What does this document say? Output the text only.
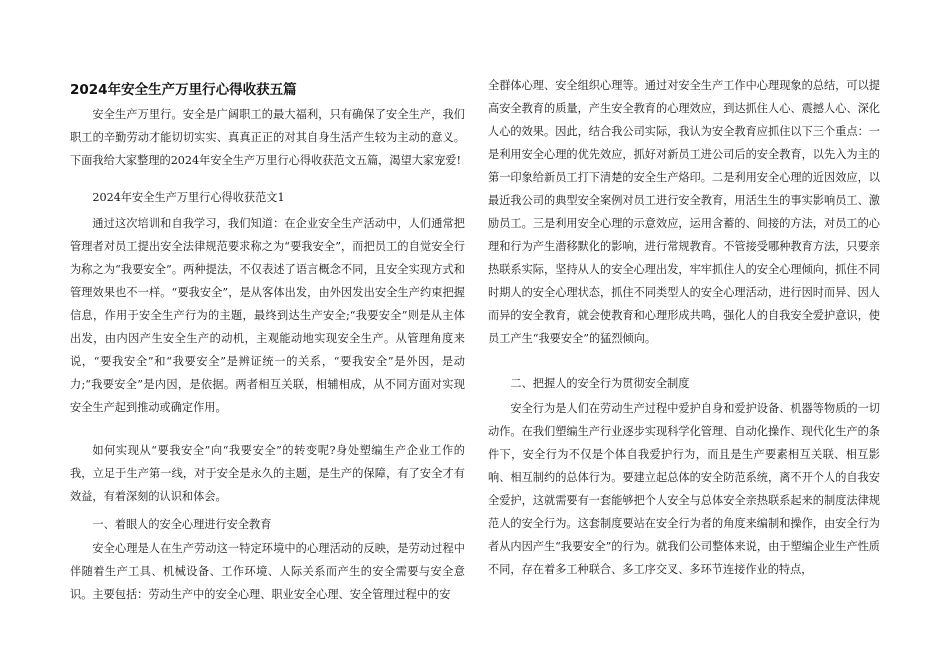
2024年安全生产万里行心得收获五篇

安全生产万里行。安全是广阔职工的最大福利，只有确保了安全生产，我们职工的辛勤劳动才能切切实实、真真正正的对其自身生活产生较为主动的意义。下面我给大家整理的2024年安全生产万里行心得收获范文五篇，渴望大家宠爱!

2024年安全生产万里行心得收获范文1

通过这次培训和自我学习，我们知道：在企业安全生产活动中，人们通常把管理者对员工提出安全法律规范要求称之为“要我安全”，而把员工的自觉安全行为称之为“我要安全”。两种提法，不仅表述了语言概念不同，且安全实现方式和管理效果也不一样。“要我安全”，是从客体出发，由外因发出安全生产约束把握信息，作用于安全生产行为的主题，最终到达生产安全;“我要安全”则是从主体出发，由内因产生安全生产的动机，主观能动地实现安全生产。从管理角度来说，“要我安全”和“我要安全”是辨证统一的关系，“要我安全”是外因，是动力;“我要安全”是内因，是依据。两者相互关联，相辅相成，从不同方面对实现安全生产起到推动或确定作用。

如何实现从“要我安全”向“我要安全”的转变呢?身处塑编生产企业工作的我，立足于生产第一线，对于安全是永久的主题，是生产的保障，有了安全才有效益，有着深刻的认识和体会。

一、着眼人的安全心理进行安全教育

安全心理是人在生产劳动这一特定环境中的心理活动的反映，是劳动过程中伴随着生产工具、机械设备、工作环境、人际关系而产生的安全需要与安全意识。主要包括：劳动生产中的安全心理、职业安全心理、安全管理过程中的安

全群体心理、安全组织心理等。通过对安全生产工作中心理现象的总结，可以提高安全教育的质量，产生安全教育的心理效应，到达抓住人心、震撼人心、深化人心的效果。因此，结合我公司实际，我认为安全教育应抓住以下三个重点：一是利用安全心理的优先效应，抓好对新员工进公司后的安全教育，以先入为主的第一印象给新员工打下清楚的安全生产烙印。二是利用安全心理的近因效应，以最近我公司的典型安全案例对员工进行安全教育，用活生生的事实影响员工、激励员工。三是利用安全心理的示意效应，运用含蓄的、间接的方法，对员工的心理和行为产生潜移默化的影响，进行常规教育。不管接受哪种教育方法，只要亲热联系实际，坚持从人的安全心理出发，牢牢抓住人的安全心理倾向，抓住不同时期人的安全心理状态，抓住不同类型人的安全心理活动，进行因时而异、因人而异的安全教育，就会使教育和心理形成共鸣，强化人的自我安全爱护意识，使员工产生“我要安全”的猛烈倾向。

二、把握人的安全行为贯彻安全制度

安全行为是人们在劳动生产过程中爱护自身和爱护设备、机器等物质的一切动作。在我们塑编生产行业逐步实现科学化管理、自动化操作、现代化生产的条件下，安全行为不仅是个体自我爱护行为，而且是生产要素相互关联、相互影响、相互制约的总体行为。要建立起总体的安全防范系统，离不开个人的自我安全爱护，这就需要有一套能够把个人安全与总体安全亲热联系起来的制度法律规范人的安全行为。这套制度要站在安全行为者的角度来编制和操作，由安全行为者从内因产生“我要安全”的行为。就我们公司整体来说，由于塑编企业生产性质不同，存在着多工种联合、多工序交叉、多环节连接作业的特点，
